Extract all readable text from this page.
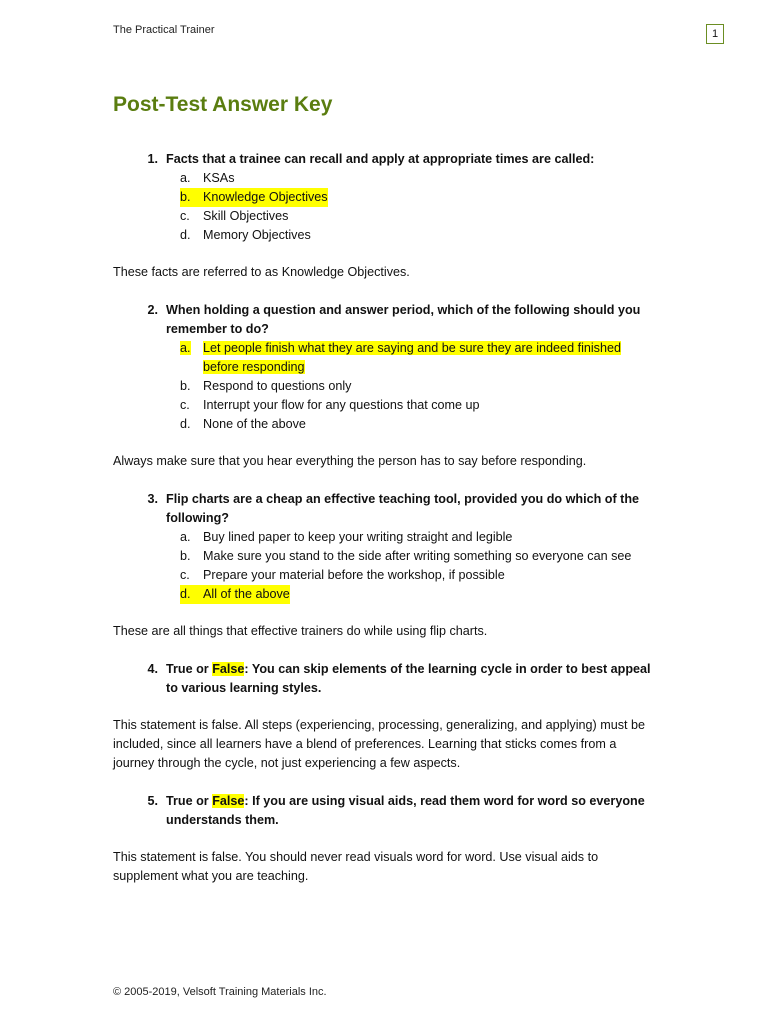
The Practical Trainer	1
Post-Test Answer Key
1. Facts that a trainee can recall and apply at appropriate times are called:
a. KSAs
b. Knowledge Objectives
c.	Skill Objectives
d. Memory Objectives

These facts are referred to as Knowledge Objectives.

2. When holding a question and answer period, which of the following should you remember to do?
a. Let people finish what they are saying and be sure they are indeed finished before responding
b. Respond to questions only
c.	Interrupt your flow for any questions that come up
d. None of the above

Always make sure that you hear everything the person has to say before responding.

3. Flip charts are a cheap an effective teaching tool, provided you do which of the following?
a. Buy lined paper to keep your writing straight and legible
b. Make sure you stand to the side after writing something so everyone can see
c.	Prepare your material before the workshop, if possible
d. All of the above

These are all things that effective trainers do while using flip charts.

4. True or False: You can skip elements of the learning cycle in order to best appeal to various learning styles.

This statement is false. All steps (experiencing, processing, generalizing, and applying) must be included, since all learners have a blend of preferences. Learning that sticks comes from a journey through the cycle, not just experiencing a few aspects.

5. True or False: If you are using visual aids, read them word for word so everyone understands them.

This statement is false. You should never read visuals word for word. Use visual aids to supplement what you are teaching.

© 2005-2019, Velsoft Training Materials Inc.
